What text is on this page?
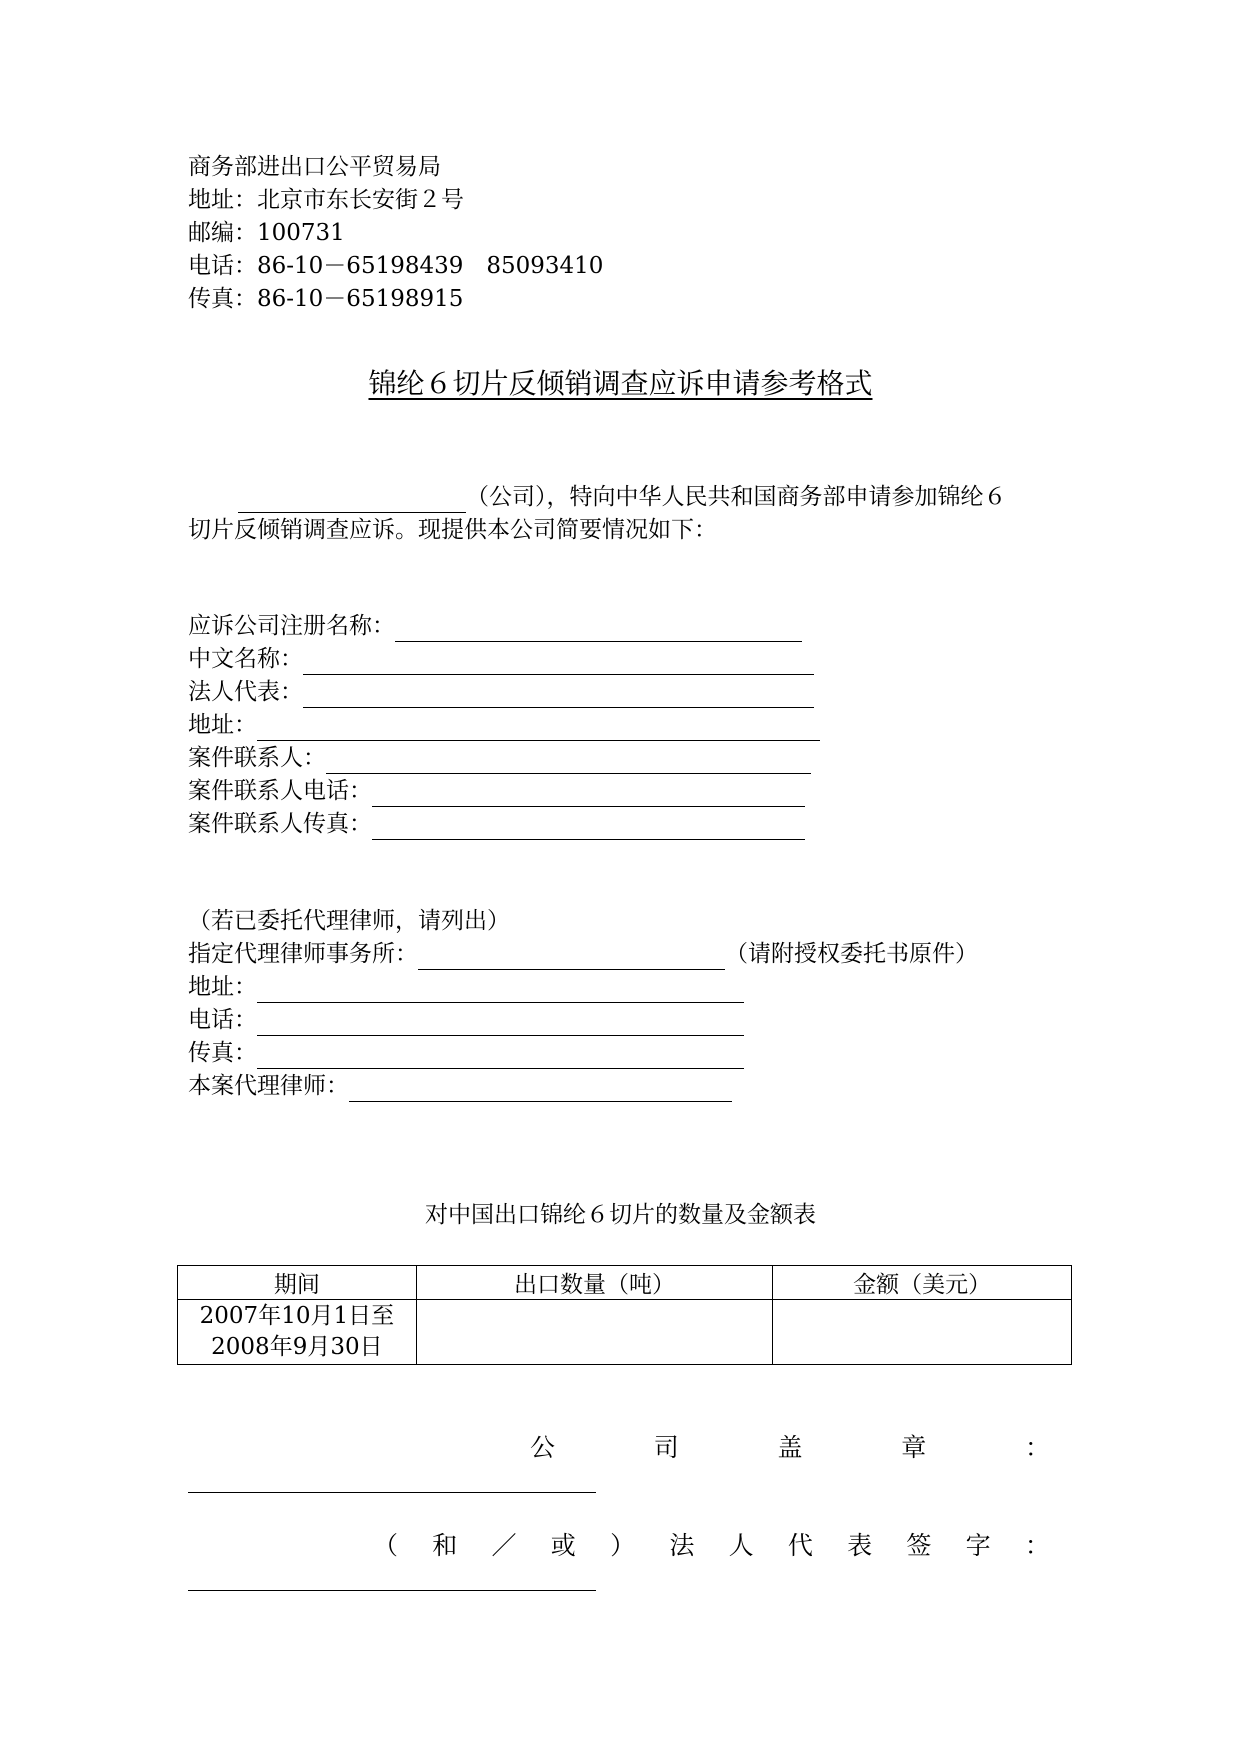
商务部进出口公平贸易局
地址：北京市东长安街２号
邮编：100731
电话：86-10－65198439　85093410
传真：86-10－65198915
锦纶６切片反倾销调查应诉申请参考格式
（公司），特向中华人民共和国商务部申请参加锦纶６
切片反倾销调查应诉。现提供本公司简要情况如下：
应诉公司注册名称：
中文名称：
法人代表：
地址：
案件联系人：
案件联系人电话：
案件联系人传真：
（若已委托代理律师，请列出）
指定代理律师事务所：	（请附授权委托书原件）
地址：
电话：
传真：
本案代理律师：
对中国出口锦纶６切片的数量及金额表
期间	出口数量（吨）	金额（美元）

2007年10月1日至
2008年9月30日		

公	司	盖	章	：
（ 和 ／ 或 ） 法 人 代 表 签 字 ：
